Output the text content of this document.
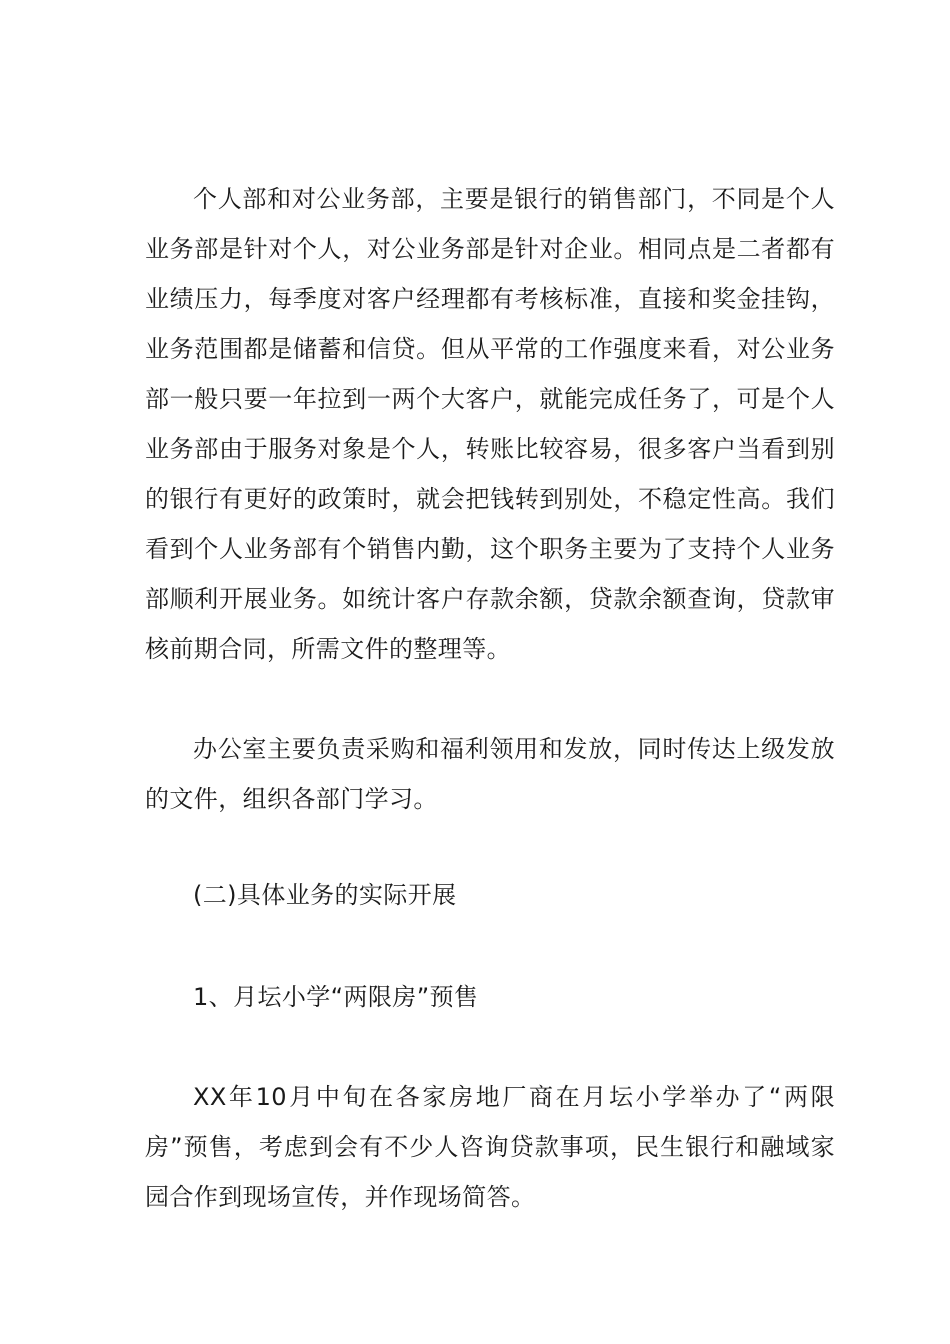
个人部和对公业务部，主要是银行的销售部门，不同是个人业务部是针对个人，对公业务部是针对企业。相同点是二者都有业绩压力，每季度对客户经理都有考核标准，直接和奖金挂钩，业务范围都是储蓄和信贷。但从平常的工作强度来看，对公业务部一般只要一年拉到一两个大客户，就能完成任务了，可是个人业务部由于服务对象是个人，转账比较容易，很多客户当看到别的银行有更好的政策时，就会把钱转到别处，不稳定性高。我们看到个人业务部有个销售内勤，这个职务主要为了支持个人业务部顺利开展业务。如统计客户存款余额，贷款余额查询，贷款审核前期合同，所需文件的整理等。

办公室主要负责采购和福利领用和发放，同时传达上级发放的文件，组织各部门学习。

(二)具体业务的实际开展

1、月坛小学“两限房”预售

XX年10月中旬在各家房地厂商在月坛小学举办了“两限房”预售，考虑到会有不少人咨询贷款事项，民生银行和融域家园合作到现场宣传，并作现场简答。
